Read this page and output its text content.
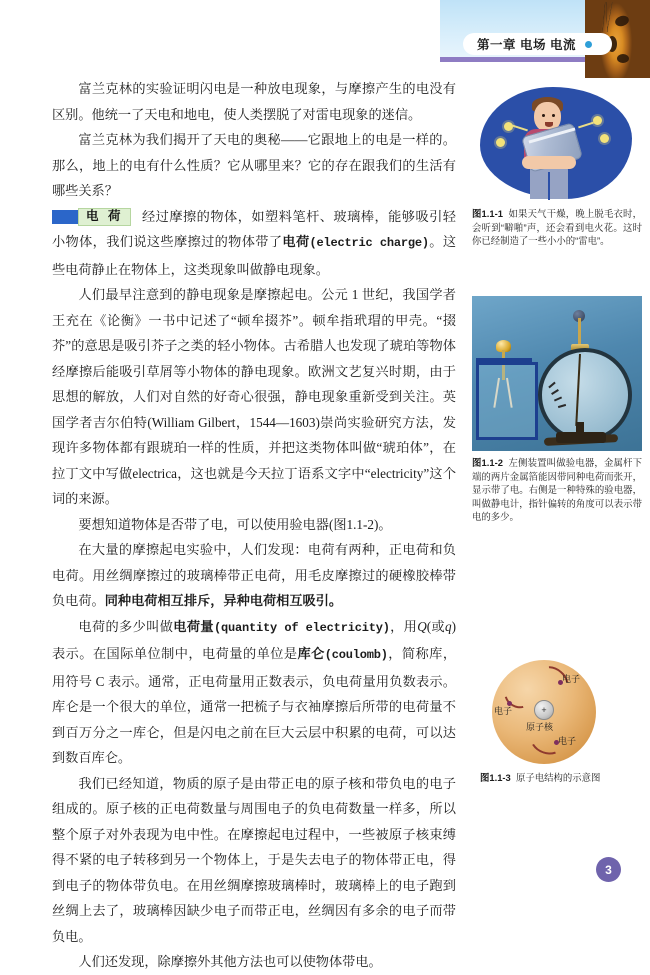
第一章 电场 电流

富兰克林的实验证明闪电是一种放电现象，与摩擦产生的电没有区别。他统一了天电和地电，使人类摆脱了对雷电现象的迷信。

富兰克林为我们揭开了天电的奥秘——它跟地上的电是一样的。那么，地上的电有什么性质？它从哪里来？它的存在跟我们的生活有哪些关系？

电 荷	经过摩擦的物体，如塑料笔杆、玻璃棒，能够吸引轻小物体，我们说这些摩擦过的物体带了电荷(electric charge)。这些电荷静止在物体上，这类现象叫做静电现象。

人们最早注意到的静电现象是摩擦起电。公元 1 世纪，我国学者王充在《论衡》一书中记述了“顿牟掇芥”。顿牟指玳瑁的甲壳。“掇芥”的意思是吸引芥子之类的轻小物体。古希腊人也发现了琥珀等物体经摩擦后能吸引草屑等小物体的静电现象。欧洲文艺复兴时期，由于思想的解放，人们对自然的好奇心很强，静电现象重新受到关注。英国学者吉尔伯特(William Gilbert，1544—1603)崇尚实验研究方法，发现许多物体都有跟琥珀一样的性质，并把这类物体叫做“琥珀体”，在拉丁文中写做electrica，这也就是今天拉丁语系文字中“electricity”这个词的来源。

要想知道物体是否带了电，可以使用验电器(图1.1-2)。

在大量的摩擦起电实验中，人们发现：电荷有两种，正电荷和负电荷。用丝绸摩擦过的玻璃棒带正电荷，用毛皮摩擦过的硬橡胶棒带负电荷。同种电荷相互排斥，异种电荷相互吸引。

电荷的多少叫做电荷量(quantity of electricity)，用Q(或q)表示。在国际单位制中，电荷量的单位是库仑(coulomb)，简称库，用符号 C 表示。通常，正电荷量用正数表示，负电荷量用负数表示。库仑是一个很大的单位，通常一把梳子与衣袖摩擦后所带的电荷量不到百万分之一库仑，但是闪电之前在巨大云层中积累的电荷，可以达到数百库仑。

我们已经知道，物质的原子是由带正电的原子核和带负电的电子组成的。原子核的正电荷数量与周围电子的负电荷数量一样多，所以整个原子对外表现为电中性。在摩擦起电过程中，一些被原子核束缚得不紧的电子转移到另一个物体上，于是失去电子的物体带正电，得到电子的物体带负电。在用丝绸摩擦玻璃棒时，玻璃棒上的电子跑到丝绸上去了，玻璃棒因缺少电子而带正电，丝绸因有多余的电子而带负电。

人们还发现，除摩擦外其他方法也可以使物体带电。

图1.1-1 如果天气干燥，晚上脱毛衣时，会听到“噼啪”声，还会看到电火花。这时你已经制造了一些小小的“雷电”。
图1.1-2 左侧装置叫做验电器，金属杆下端的两片金属箔能因带同种电荷而张开，显示带了电。右侧是一种特殊的验电器，叫做静电计，指针偏转的角度可以表示带电的多少。
+
电子
电子
电子
原子核
图1.1-3 原子电结构的示意图
3
